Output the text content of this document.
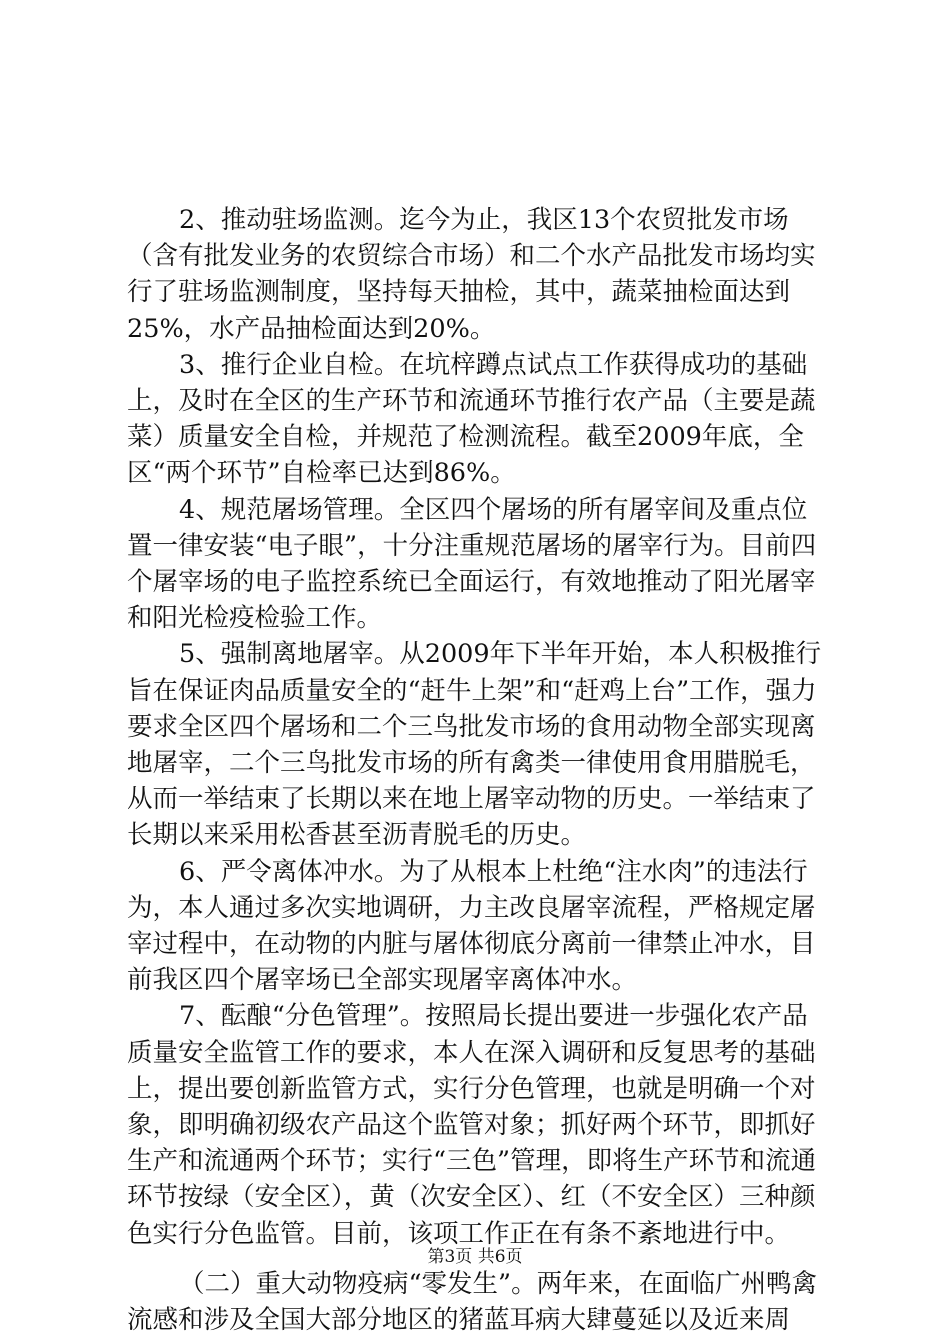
2、推动驻场监测。迄今为止，我区13个农贸批发市场（含有批发业务的农贸综合市场）和二个水产品批发市场均实行了驻场监测制度，坚持每天抽检，其中，蔬菜抽检面达到25%，水产品抽检面达到20%。

3、推行企业自检。在坑梓蹲点试点工作获得成功的基础上，及时在全区的生产环节和流通环节推行农产品（主要是蔬菜）质量安全自检，并规范了检测流程。截至2009年底，全区“两个环节”自检率已达到86%。

4、规范屠场管理。全区四个屠场的所有屠宰间及重点位置一律安装“电子眼”，十分注重规范屠场的屠宰行为。目前四个屠宰场的电子监控系统已全面运行，有效地推动了阳光屠宰和阳光检疫检验工作。

5、强制离地屠宰。从2009年下半年开始，本人积极推行旨在保证肉品质量安全的“赶牛上架”和“赶鸡上台”工作，强力要求全区四个屠场和二个三鸟批发市场的食用动物全部实现离地屠宰，二个三鸟批发市场的所有禽类一律使用食用腊脱毛，从而一举结束了长期以来在地上屠宰动物的历史。一举结束了长期以来采用松香甚至沥青脱毛的历史。

6、严令离体冲水。为了从根本上杜绝“注水肉”的违法行为，本人通过多次实地调研，力主改良屠宰流程，严格规定屠宰过程中，在动物的内脏与屠体彻底分离前一律禁止冲水，目前我区四个屠宰场已全部实现屠宰离体冲水。

7、酝酿“分色管理”。按照局长提出要进一步强化农产品质量安全监管工作的要求，本人在深入调研和反复思考的基础上，提出要创新监管方式，实行分色管理，也就是明确一个对象，即明确初级农产品这个监管对象；抓好两个环节，即抓好生产和流通两个环节；实行“三色”管理，即将生产环节和流通环节按绿（安全区），黄（次安全区）、红（不安全区）三种颜色实行分色监管。目前，该项工作正在有条不紊地进行中。

（二）重大动物疫病“零发生”。两年来，在面临广州鸭禽流感和涉及全国大部分地区的猪蓝耳病大肆蔓延以及近来周

第3页 共6页
